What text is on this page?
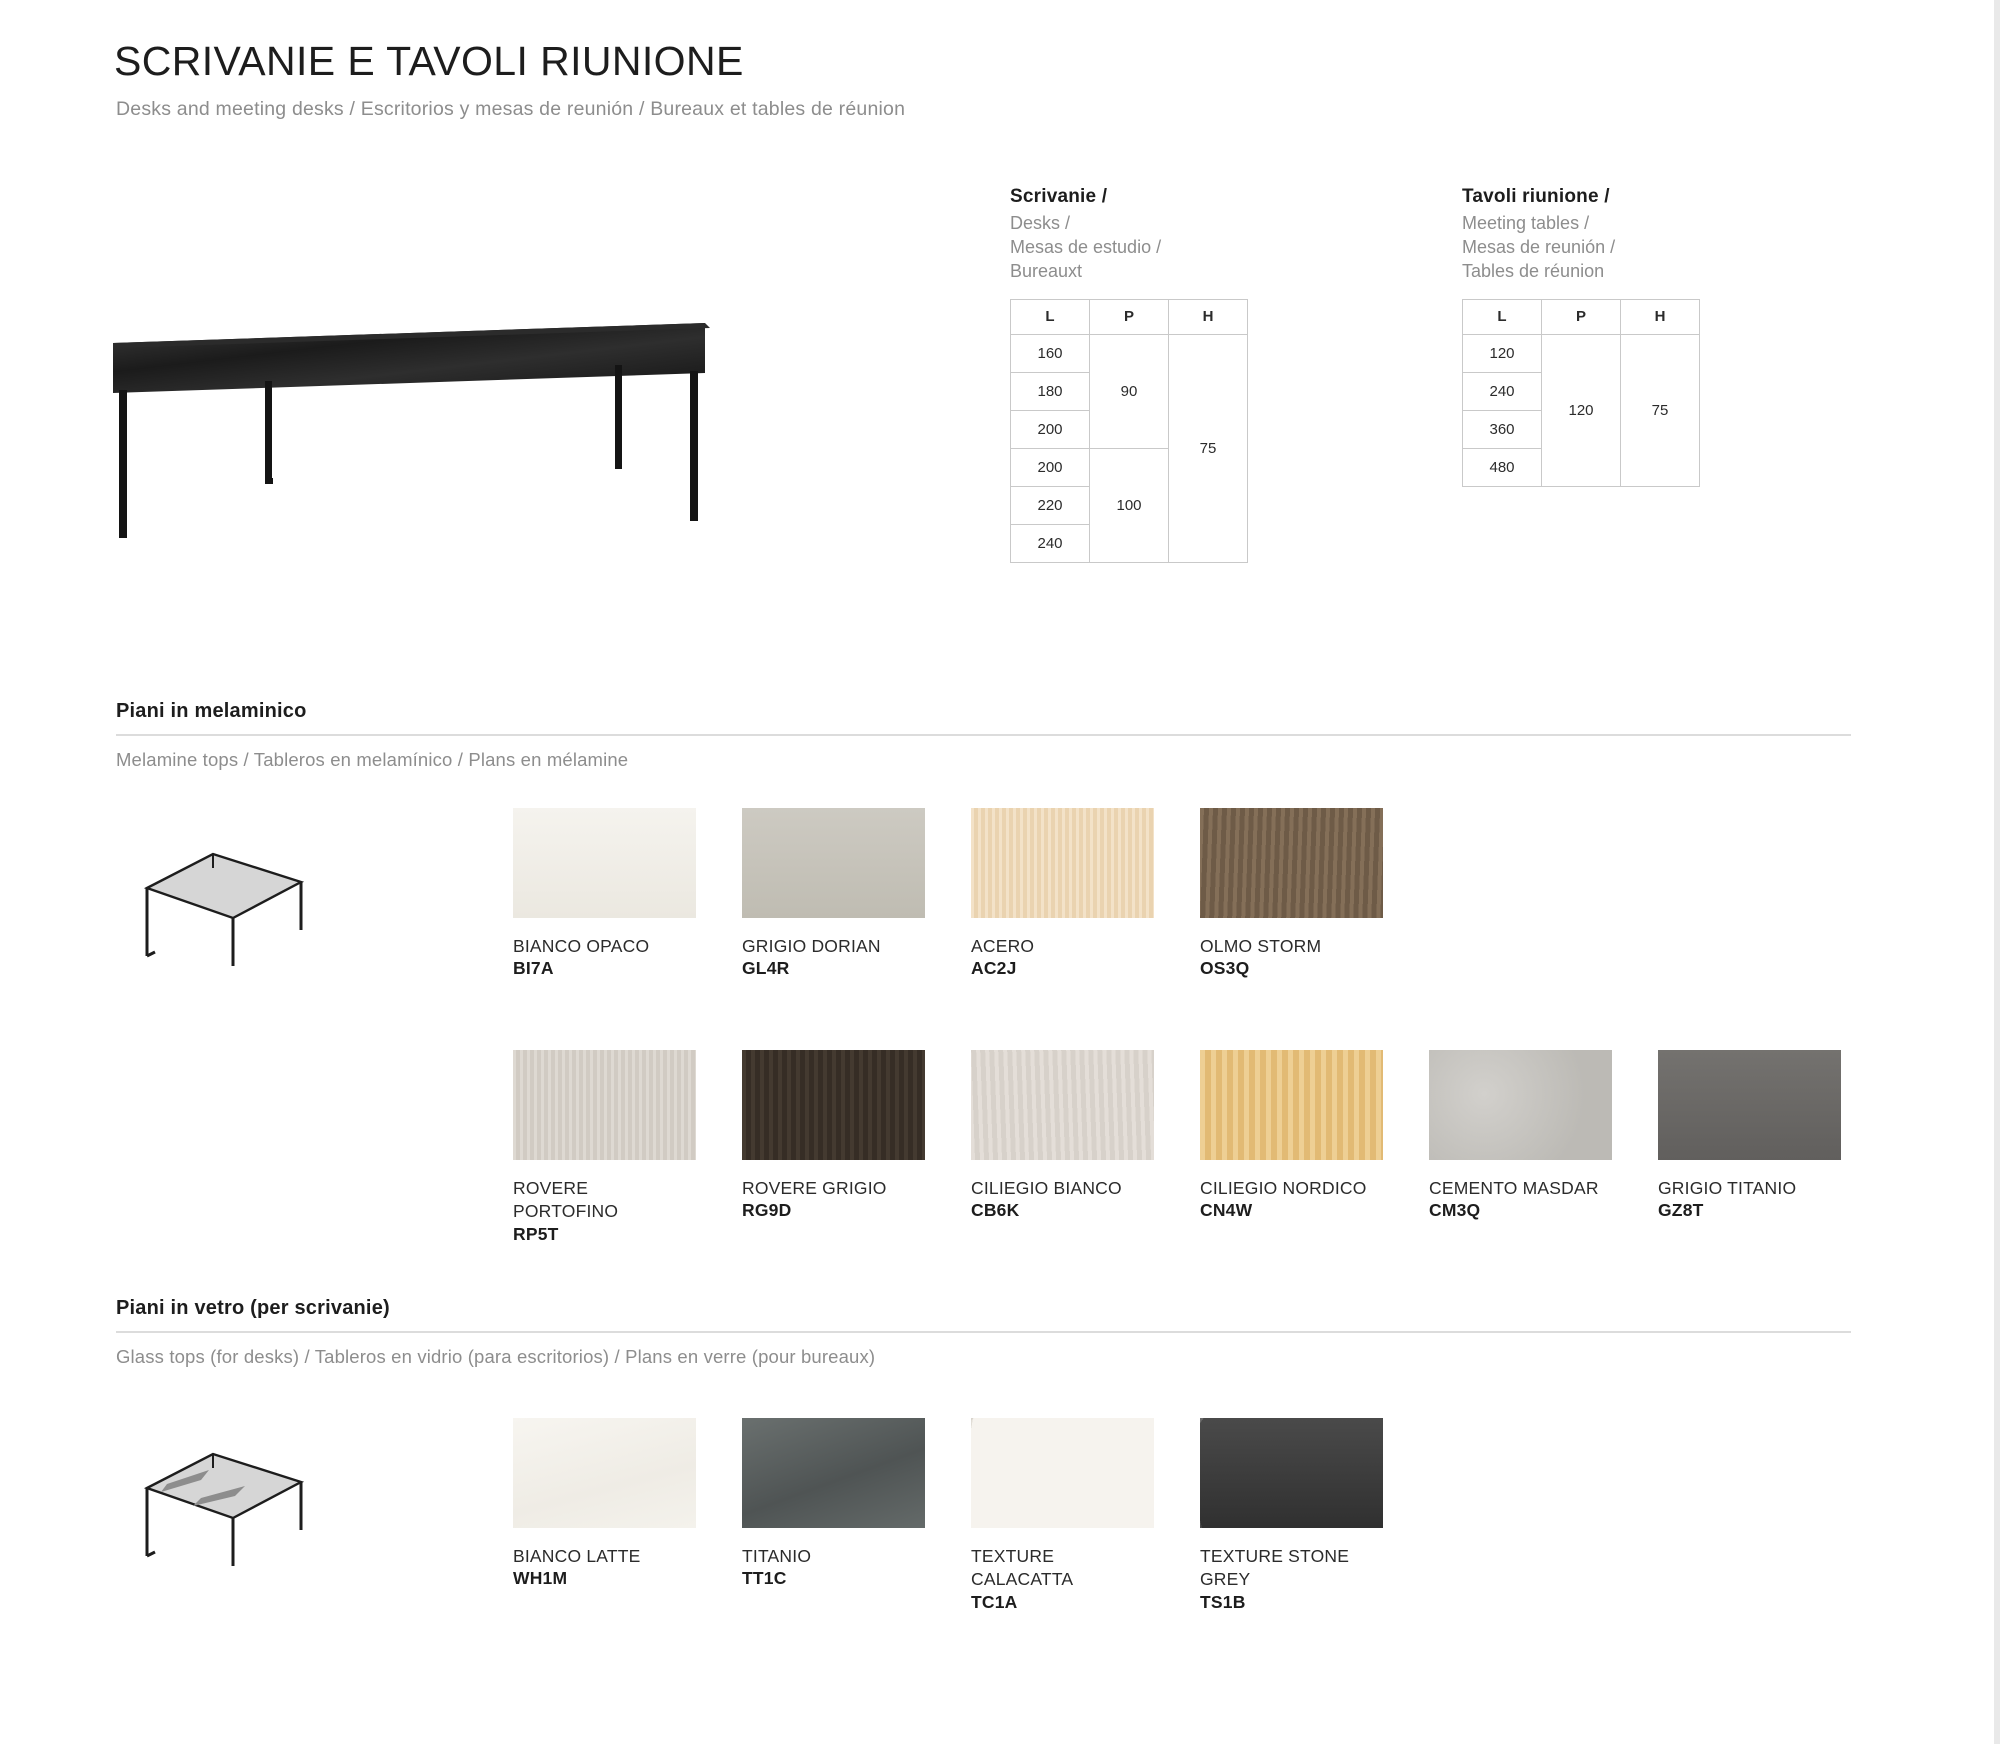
SCRIVANIE E TAVOLI RIUNIONE
Desks and meeting desks / Escritorios y mesas de reunión / Bureaux et tables de réunion
Scrivanie /
Desks /
Mesas de estudio /
Bureauxt
L	P	H
160	90	75
180		
200		
200	100	
220		
240		
Tavoli riunione /
Meeting tables /
Mesas de reunión /
Tables de réunion
L	P	H
120	120	75
240		
360		
480		
Piani in melaminico
Melamine tops / Tableros en melamínico / Plans en mélamine
BIANCO OPACO
BI7A
GRIGIO DORIAN
GL4R
ACERO
AC2J
OLMO STORM
OS3Q
ROVERE PORTOFINO
RP5T
ROVERE GRIGIO
RG9D
CILIEGIO BIANCO
CB6K
CILIEGIO NORDICO
CN4W
CEMENTO MASDAR
CM3Q
GRIGIO TITANIO
GZ8T
Piani in vetro (per scrivanie)
Glass tops (for desks) / Tableros en vidrio (para escritorios) / Plans en verre (pour bureaux)
BIANCO LATTE
WH1M
TITANIO
TT1C
TEXTURE CALACATTA
TC1A
TEXTURE STONE GREY
TS1B
